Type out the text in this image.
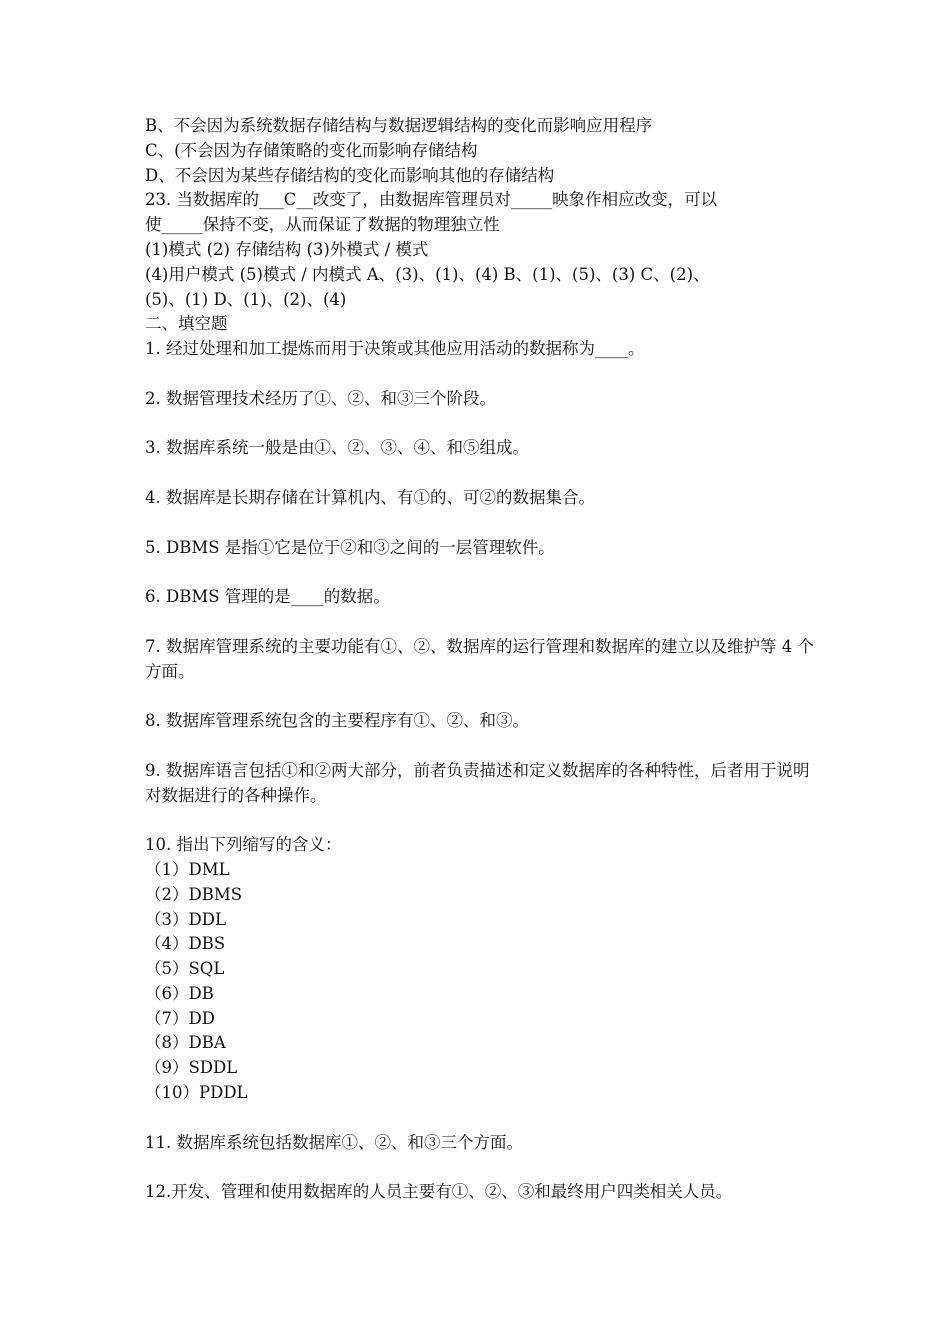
B、不会因为系统数据存储结构与数据逻辑结构的变化而影响应用程序

C、(不会因为存储策略的变化而影响存储结构

D、不会因为某些存储结构的变化而影响其他的存储结构

23. 当数据库的___C__改变了，由数据库管理员对_____映象作相应改变，可以

使_____保持不变，从而保证了数据的物理独立性

(1)模式 (2) 存储结构 (3)外模式 / 模式

(4)用户模式 (5)模式 / 内模式 A、(3)、(1)、(4) B、(1)、(5)、(3) C、(2)、

(5)、(1) D、(1)、(2)、(4)

二、填空题

1. 经过处理和加工提炼而用于决策或其他应用活动的数据称为____。

2. 数据管理技术经历了①、②、和③三个阶段。

3. 数据库系统一般是由①、②、③、④、和⑤组成。

4. 数据库是长期存储在计算机内、有①的、可②的数据集合。

5. DBMS 是指①它是位于②和③之间的一层管理软件。

6. DBMS 管理的是____的数据。

7. 数据库管理系统的主要功能有①、②、数据库的运行管理和数据库的建立以及维护等 4 个方面。

8. 数据库管理系统包含的主要程序有①、②、和③。

9. 数据库语言包括①和②两大部分，前者负责描述和定义数据库的各种特性，后者用于说明对数据进行的各种操作。

10. 指出下列缩写的含义：

（1）DML
（2）DBMS
（3）DDL
（4）DBS
（5）SQL
（6）DB
（7）DD
（8）DBA
（9）SDDL
（10）PDDL

11. 数据库系统包括数据库①、②、和③三个方面。

12.开发、管理和使用数据库的人员主要有①、②、③和最终用户四类相关人员。
